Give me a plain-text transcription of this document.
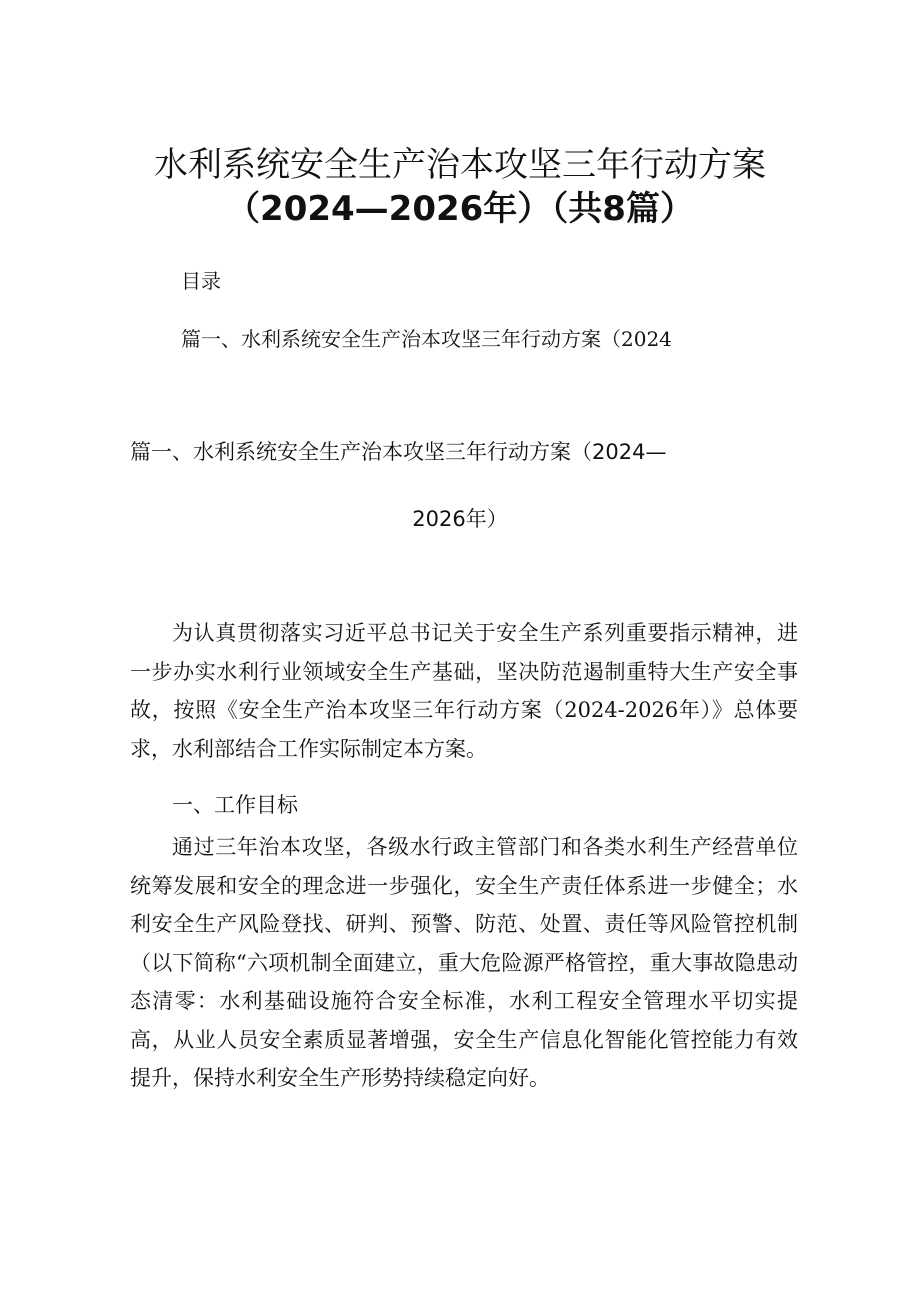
水利系统安全生产治本攻坚三年行动方案
（2024—2026年）（共8篇）
目录
篇一、水利系统安全生产治本攻坚三年行动方案（2024
篇一、水利系统安全生产治本攻坚三年行动方案（2024—
2026年）

为认真贯彻落实习近平总书记关于安全生产系列重要指示精神，进一步办实水利行业领域安全生产基础，坚决防范遏制重特大生产安全事故，按照《安全生产治本攻坚三年行动方案（2024-2026年）》总体要求，水利部结合工作实际制定本方案。

一、工作目标

通过三年治本攻坚，各级水行政主管部门和各类水利生产经营单位统筹发展和安全的理念进一步强化，安全生产责任体系进一步健全；水利安全生产风险登找、研判、预警、防范、处置、责任等风险管控机制（以下简称“六项机制全面建立，重大危险源严格管控，重大事故隐患动态清零：水利基础设施符合安全标准，水利工程安全管理水平切实提高，从业人员安全素质显著增强，安全生产信息化智能化管控能力有效提升，保持水利安全生产形势持续稳定向好。
